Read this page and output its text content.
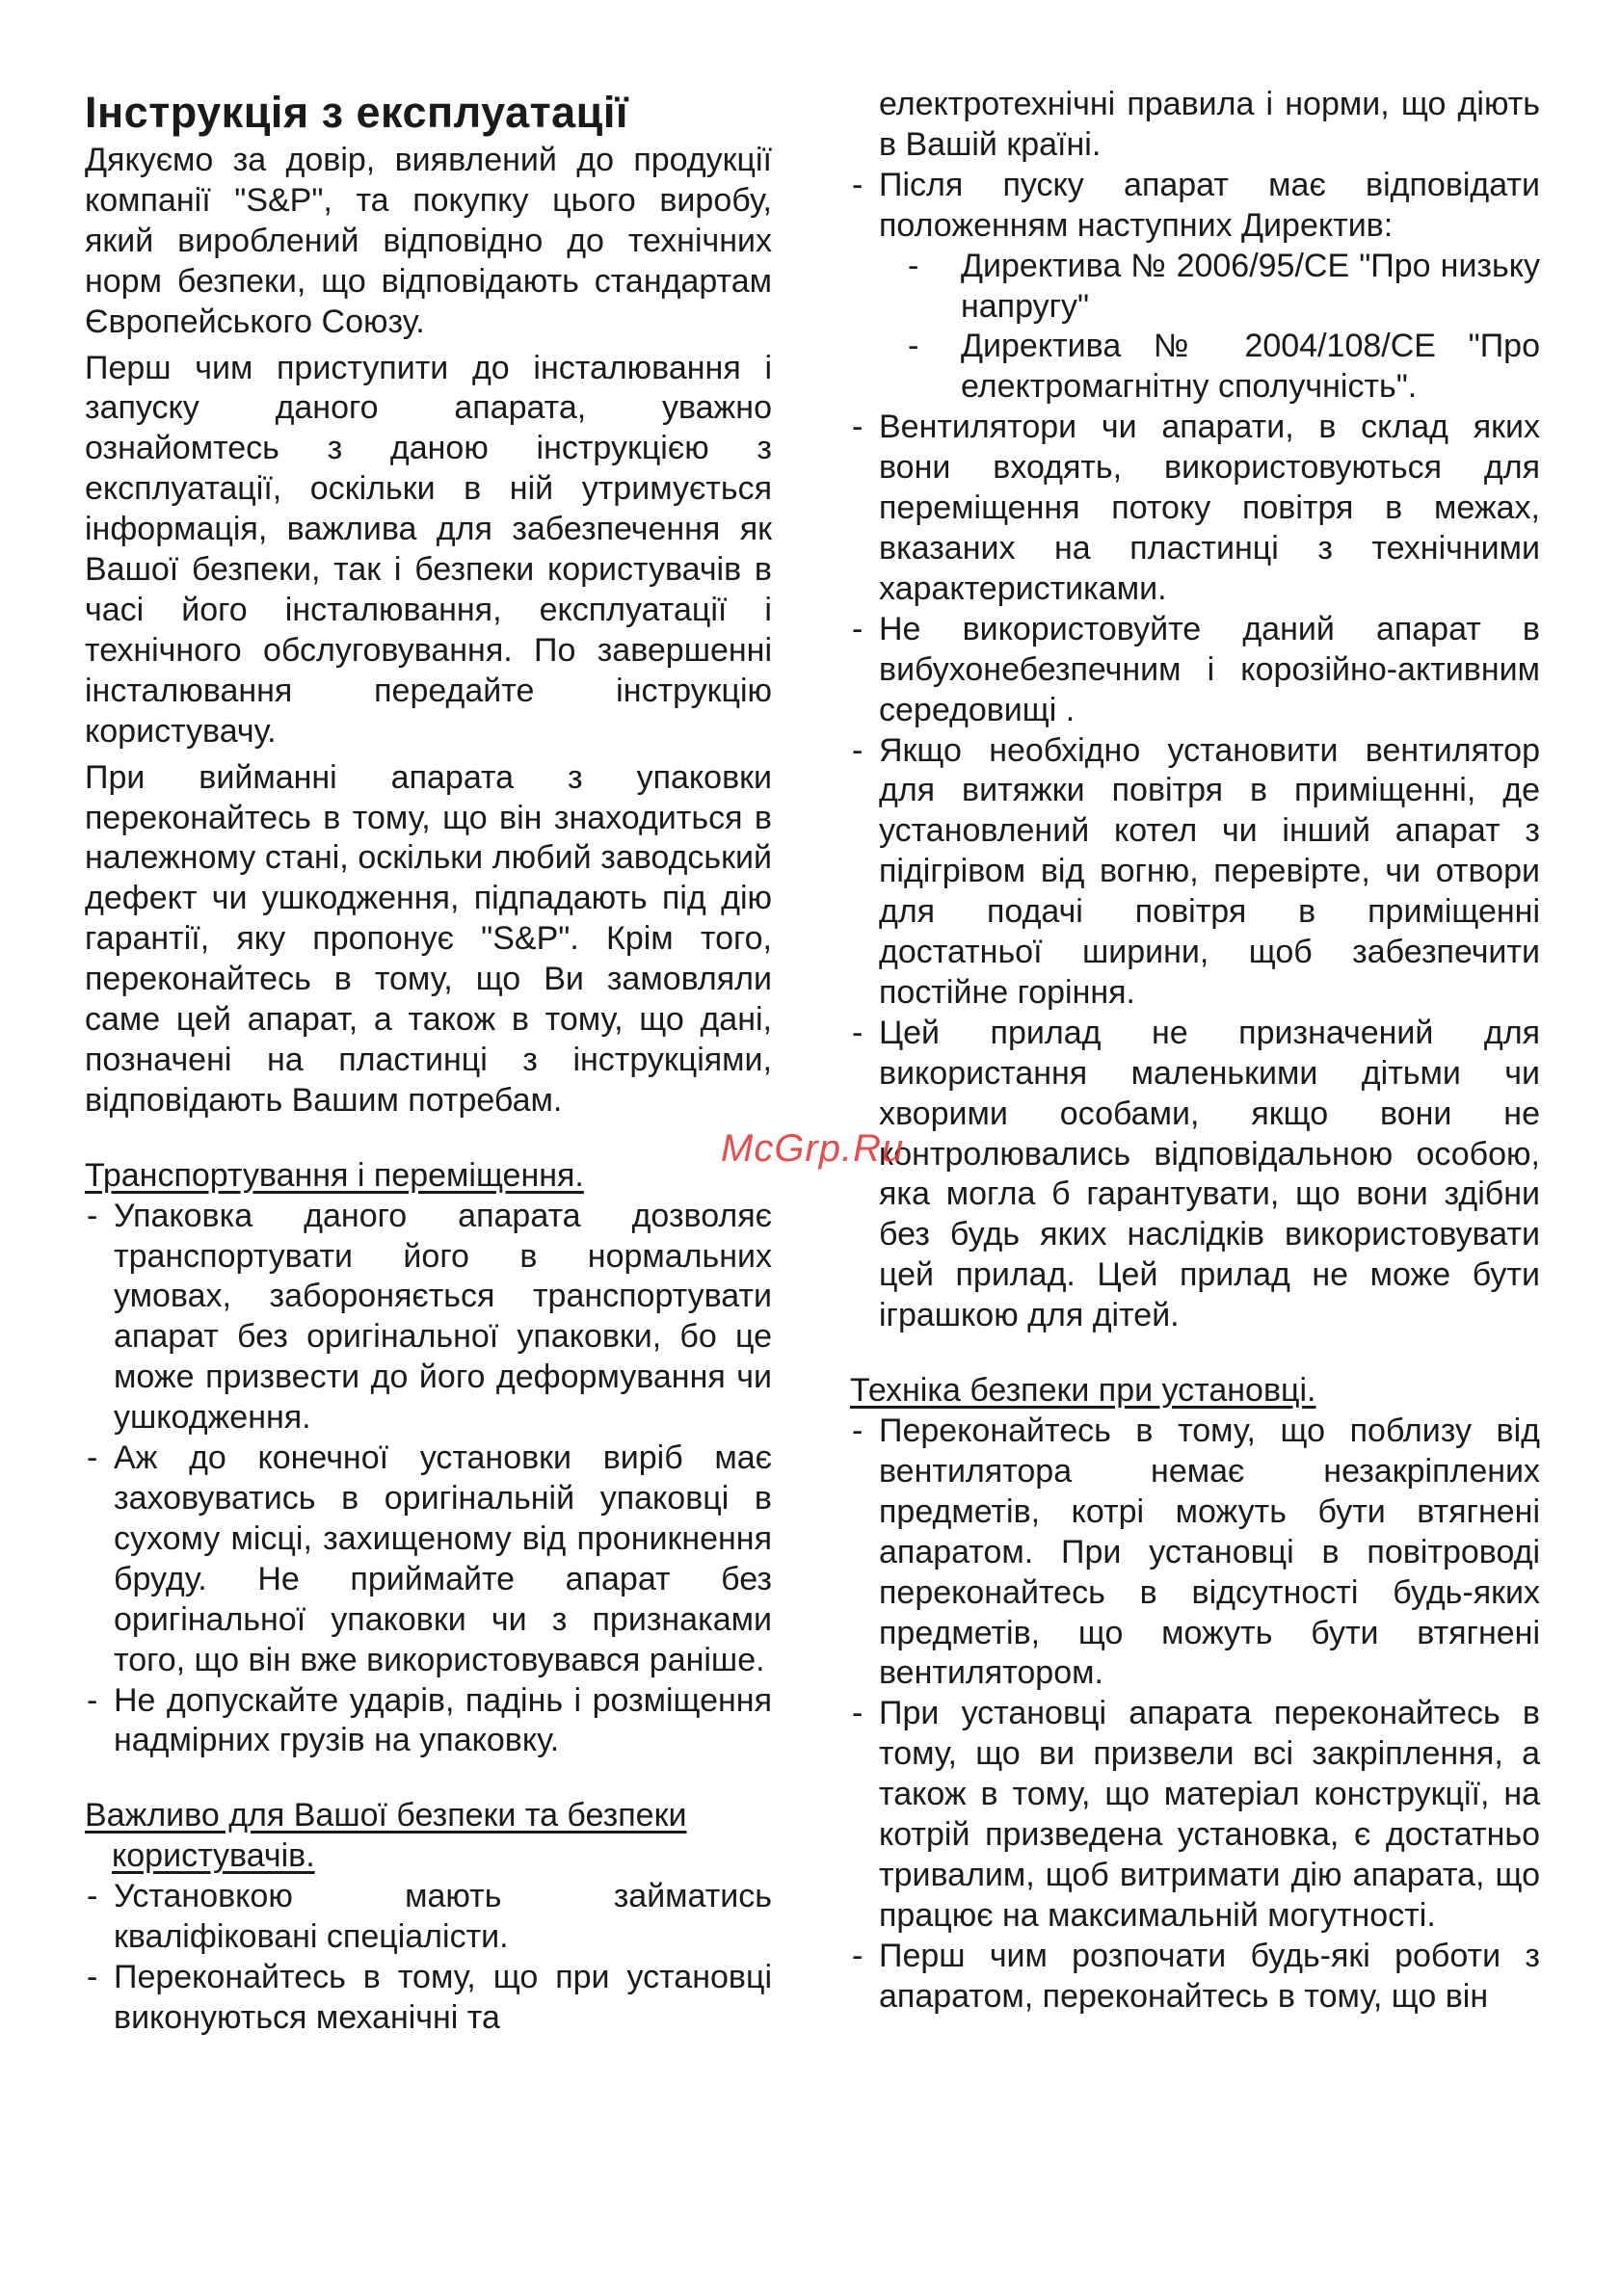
Інструкція з експлуатації

Дякуємо за довір, виявлений до продукції компанії "S&P", та покупку цього виробу, який вироблений відповідно до технічних норм безпеки, що відповідають стандартам Європейського Союзу.

Перш чим приступити до інсталювання і запуску даного апарата, уважно ознайомтесь з даною інструкцією з експлуатації, оскільки в ній утримується інформація, важлива для забезпечення як Вашої безпеки, так і безпеки користувачів в часі його інсталювання, експлуатації і технічного обслуговування. По завершенні інсталювання передайте інструкцію користувачу.

При вийманні апарата з упаковки переконайтесь в тому, що він знаходиться в належному стані, оскільки любий заводський дефект чи ушкодження, підпадають під дію гарантії, яку пропонує "S&P". Крім того, переконайтесь в тому, що Ви замовляли саме цей апарат, а також в тому, що дані, позначені на пластинці з інструкціями, відповідають Вашим потребам.

Транспортування і переміщення.
- Упаковка даного апарата дозволяє транспортувати його в нормальних умовах, забороняється транспортувати апарат без оригінальної упаковки, бо це може призвести до його деформування чи ушкодження.
- Аж до конечної установки виріб має заховуватись в оригінальній упаковці в сухому місці, захищеному від проникнення бруду. Не приймайте апарат без оригінальної упаковки чи з признаками того, що він вже використовувався раніше.
- Не допускайте ударів, падінь і розміщення надмірних грузів на упаковку.
Важливо для Вашої безпеки та безпеки
користувачів.
- Установкою мають займатись кваліфіковані спеціалісти.
- Переконайтесь в тому, що при установці виконуються механічні та

електротехнічні правила і норми, що діють в Вашій країні.

- Після пуску апарат має відповідати положенням наступних Директив:
- Директива № 2006/95/CE "Про низьку напругу"
- Директива № 2004/108/CE "Про електромагнітну сполучність".
- Вентилятори чи апарати, в склад яких вони входять, використовуються для переміщення потоку повітря в межах, вказаних на пластинці з технічними характеристиками.
- Не використовуйте даний апарат в вибухонебезпечним і корозійно-активним середовищі .
- Якщо необхідно установити вентилятор для витяжки повітря в приміщенні, де установлений котел чи інший апарат з підігрівом від вогню, перевірте, чи отвори для подачі повітря в приміщенні достатньої ширини, щоб забезпечити постійне горіння.
- Цей прилад не призначений для використання маленькими дітьми чи хворими особами, якщо вони не контролювались відповідальною особою, яка могла б гарантувати, що вони здібни без будь яких наслідків використовувати цей прилад. Цей прилад не може бути іграшкою для дітей.
Техніка безпеки при установці.
- Переконайтесь в тому, що поблизу від вентилятора немає незакріплених предметів, котрі можуть бути втягнені апаратом. При установці в повітроводі переконайтесь в відсутності будь-яких предметів, що можуть бути втягнені вентилятором.
- При установці апарата переконайтесь в тому, що ви призвели всі закріплення, а також в тому, що матеріал конструкції, на котрій призведена установка, є достатньо тривалим, щоб витримати дію апарата, що працює на максимальній могутності.
- Перш чим розпочати будь-які роботи з апаратом, переконайтесь в тому, що він
McGrp.Ru
